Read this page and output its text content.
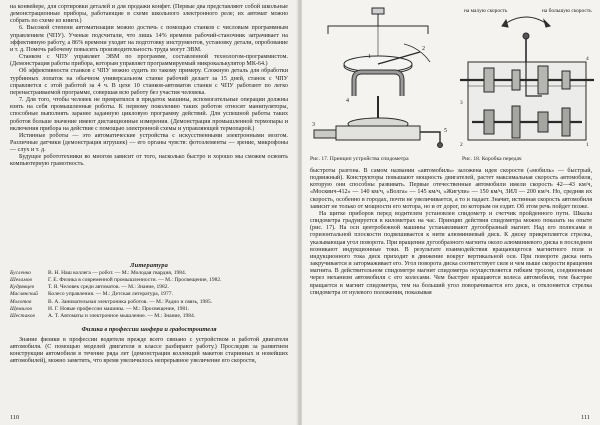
на конвейере, для сортировки деталей и для продажи конфет. (Первые два представляют собой школьные демонстрационные приборы, работающие в схеме школьного электронного реле; их автомат можно собрать по схеме из книги.)

6. Высокой степени автоматизации можно достичь с помощью станков с числовым программным управлением (ЧПУ). Ученые подсчитали, что лишь 14% времени рабочий-станочник затрачивает на эффективную работу, а 86% времени уходит на подготовку инструментов, установку детали, опробование и т. д. Помочь рабочему повысить производительность труда могут ЭВМ.

Станком с ЧПУ управляет ЭВМ по программе, составленной технологом-программистом. (Демонстрация работы прибора, которым управляет программируемый микрокалькулятор МК-64.)

Об эффективности станков с ЧПУ можно судить по такому примеру. Сложную деталь для обработки турбинных лопаток на обычном универсальном станке рабочий делает за 15 дней, станок с ЧПУ справляется с этой работой за 4 ч. В цехе 10 станков-автоматов станки с ЧПУ работают по легко перенастраиваемой программе, совершая всю работу без участия человека.

7. Для того, чтобы человек не превратился в придаток машины, вспомогательные операции должны взять на себя промышленные роботы. К первому поколению таких роботов относят манипуляторы, способные выполнять заранее заданную цикловую программу действий. Для успешной работы таких роботов больше значение имеют дистанционные измерения. (Демонстрация промышленной термопары и включения прибора на действие с помощью электронной схемы и управляющей термопарой.)

Истинные роботы — это автоматические устройства с искусственными электронными мозгом. Различные датчики (демонстрация игрушек) — его органы чувств: фотоэлементы — зрение, микрофоны — слух и т. д.

Будущее робототехники во многом зависит от того, насколько быстро и хорошо мы сможем освоить компьютерную грамотность.

Литература
Бусленко	В. Н. Наш коллега — робот. — М.: Молодая гвардия, 1984.
Шеламов	Г. Е. Физика в современной промышленности. — М.: Просвещение, 1982.
Кудрявцев	Т. Я. Человек среди автоматов. — М.: Знание, 1982.
Маслянский	Колесо управления. — М.: Детская литература, 1977.
Молотов	В. А. Занимательная электроника роботов. — М.: Радио и связь, 1985.
Щемилов	И. Г. Новые профессии машины. — М.: Просвещение, 1981.
Шестаков	А. Т. Автоматы и электронное мышление. — М.: Знание, 1984.
Физика в профессии шофера и градостроителя

Знание физики в профессии водителя прежде всего связано с устройством и работой двигателя автомобиля. (С помощью моделей двигателя в классе разбирают работу.) Проследив за развитием конструкции автомобиля в течение ряда лет (демонстрация коллекций макетов старинных и новейших автомобилей), можно заметить, что время увеличилось непрерывное увеличение его скорости,

110
1
2
3
4
5
на малую скорость	на большую скорость
4
3
2	1
Рис. 17. Принцип устройства спидометра	Рис. 18. Коробка передач

быстроты разгона. В самом названии «автомобиль» заложена идея скорости («мобиль» — быстрый, подвижный). Конструкторы повышают мощность двигателей, растет максимальная скорость автомобиля, которую они способны развивать. Первые отечественные автомобили имели скорость 42—43 км/ч, «Москвич-412» — 140 км/ч, «Волга» — 145 км/ч, «Жигули» — 150 км/ч, ЗИЛ — 200 км/ч. Но, средняя их скорость, особенно в городах, почти не увеличивается, а то и падает. Значит, истинная скорость автомобиля зависит не только от мощности его мотора, но и от дорог, по которым он ездит. Об этом речь пойдет позже.

На щитке приборов перед водителем установлен спидометр и счетчик пройденного пути. Шкалы спидометра градуируется в километрах на час. Принцип действия спидометра можно показать на опыте (рис. 17). На оси центробежной машины устанавливают дугообразный магнит. Над его полюсами в горизонтальной плоскости подвешивается к нити алюминиевый диск. К диску прикрепляется стрелка, указывающая угол поворота. При вращении дугообразного магнита около алюминиевого диска в последнем возникают индукционные токи. В результате взаимодействия вращающегося магнитного поля и индукционного тока диск приходит в движение вокруг вертикальной оси. При повороте диска нить закручивается и затормаживает его. Угол поворота диска соответствует силе и чем выше скорости вращения магнита. В действительном спидометре магнит спидометра осуществляется гибким тросом, соединенным через механизм автомобиля с его колесами. Чем быстрее вращаются колеса автомобиля, тем быстрее вращается и магнит спидометра, тем на больший угол поворачивается его диск, и отклоняется стрелка спидометра от нулевого положения, показывая

111
